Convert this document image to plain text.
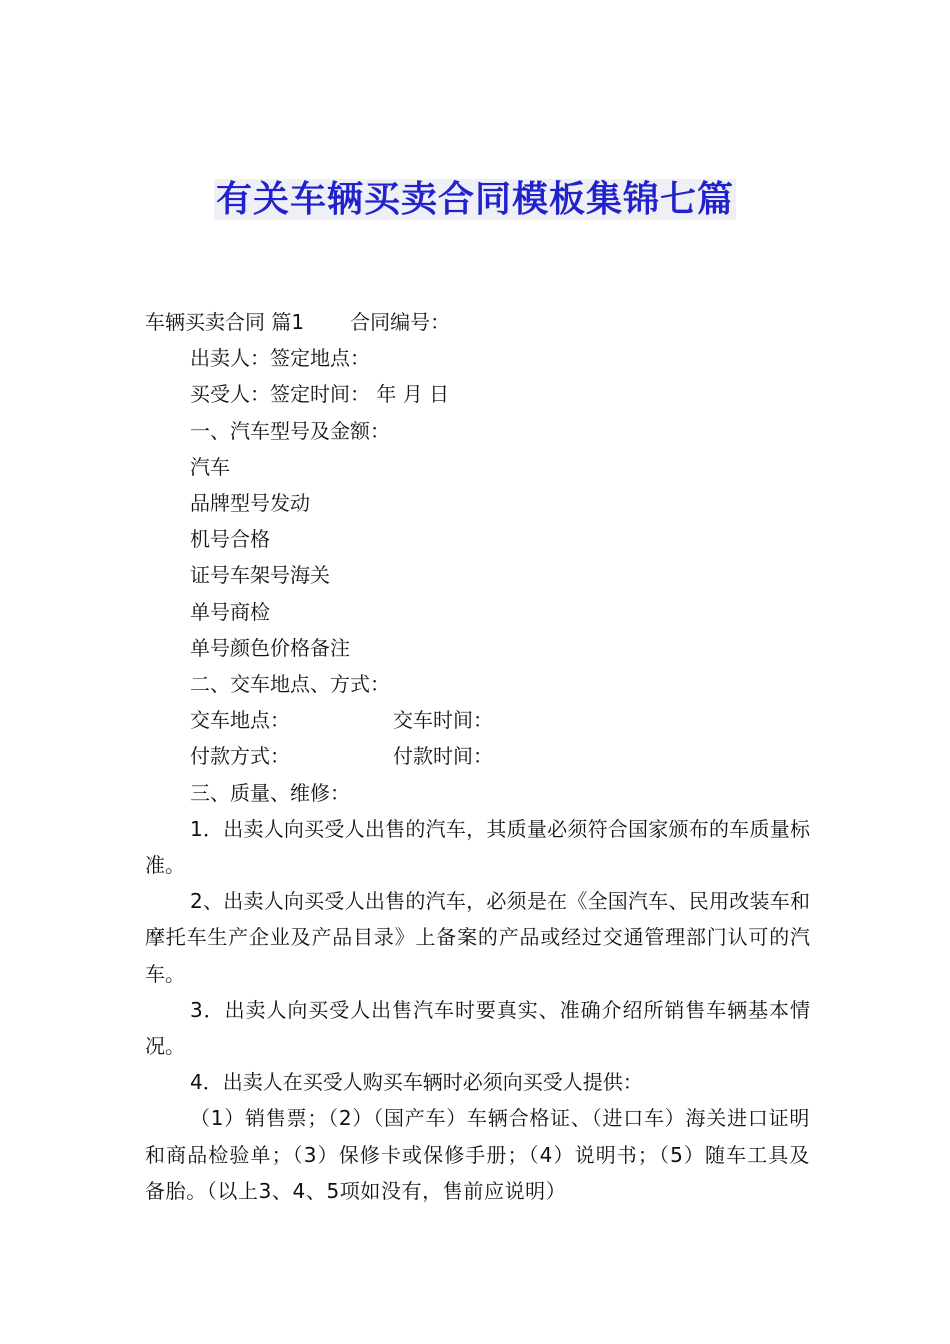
有关车辆买卖合同模板集锦七篇
车辆买卖合同 篇1 合同编号：
出卖人：签定地点：
买受人：签定时间： 年 月 日
一、汽车型号及金额：
汽车
品牌型号发动
机号合格
证号车架号海关
单号商检
单号颜色价格备注
二、交车地点、方式：
交车地点：	交车时间：
付款方式：	付款时间：
三、质量、维修：
1．出卖人向买受人出售的汽车，其质量必须符合国家颁布的车质量标准。
2、出卖人向买受人出售的汽车，必须是在《全国汽车、民用改装车和摩托车生产企业及产品目录》上备案的产品或经过交通管理部门认可的汽车。
3．出卖人向买受人出售汽车时要真实、准确介绍所销售车辆基本情况。
4．出卖人在买受人购买车辆时必须向买受人提供：
（1）销售票；（2）（国产车）车辆合格证、（进口车）海关进口证明和商品检验单；（3）保修卡或保修手册；（4）说明书；（5）随车工具及备胎。（以上3、4、5项如没有，售前应说明）
